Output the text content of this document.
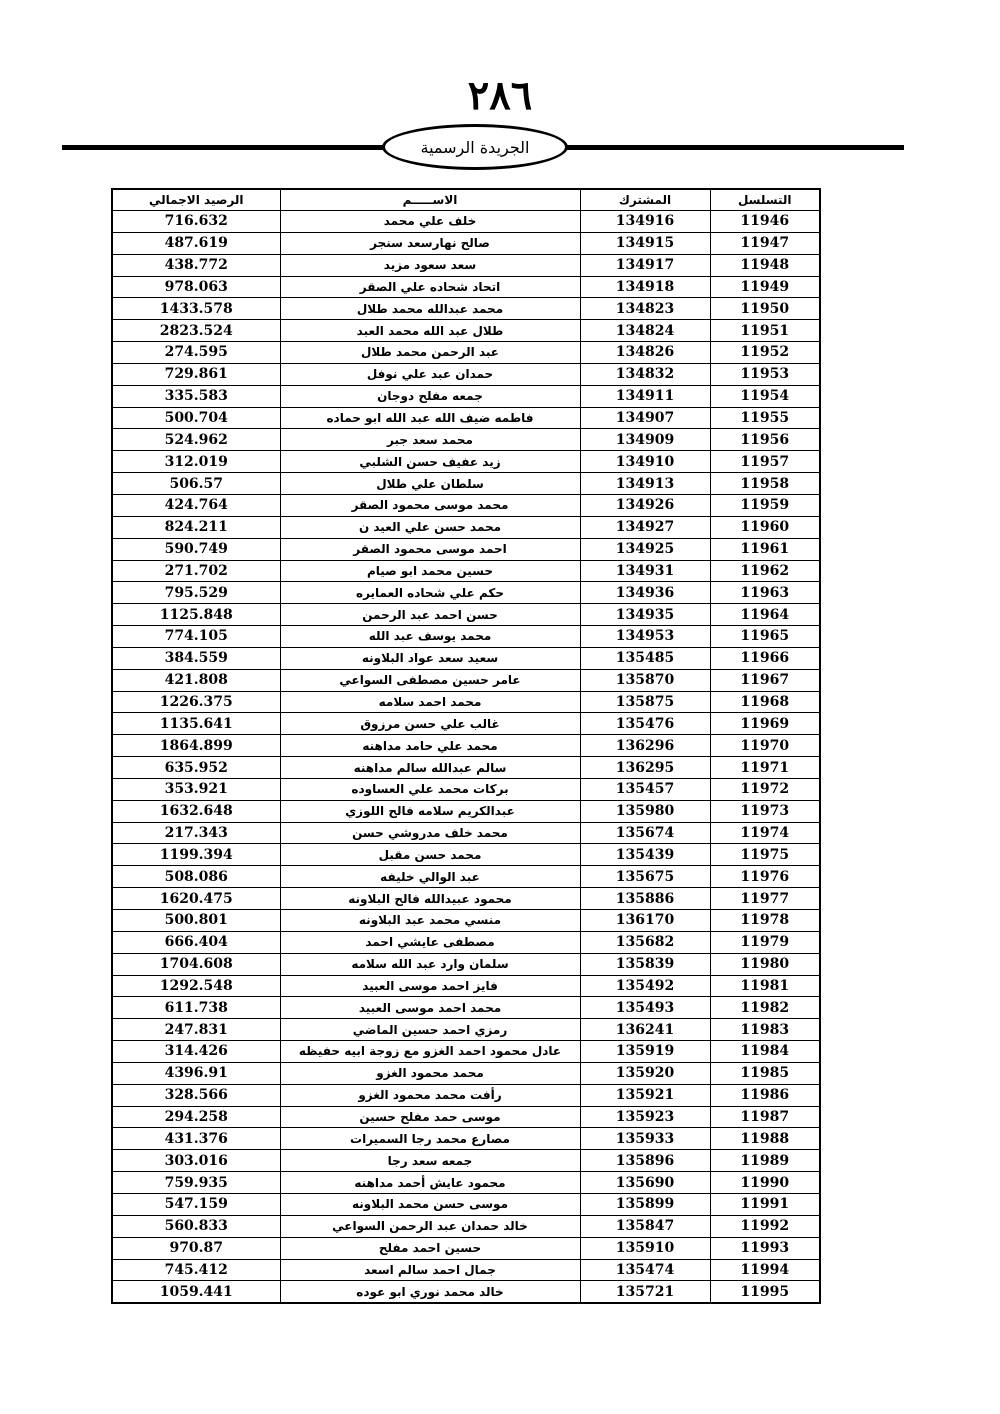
٢٨٦
الجريدة الرسمية
التسلسل	المشترك	الاســـــم	الرصيد الاجمالي
11946	134916	خلف علي محمد	716.632
11947	134915	صالح نهارسعد سنجر	487.619
11948	134917	سعد سعود مزيد	438.772
11949	134918	اتحاد شحاده علي الصقر	978.063
11950	134823	محمد عبدالله محمد طلال	1433.578
11951	134824	طلال عبد الله محمد العبد	2823.524
11952	134826	عبد الرحمن محمد طلال	274.595
11953	134832	حمدان عبد علي نوفل	729.861
11954	134911	جمعه مفلح دوجان	335.583
11955	134907	فاطمه ضيف الله عبد الله ابو حماده	500.704
11956	134909	محمد سعد جبر	524.962
11957	134910	زيد عفيف حسن الشلبي	312.019
11958	134913	سلطان علي طلال	506.57
11959	134926	محمد موسى محمود الصقر	424.764
11960	134927	محمد حسن علي العيد ن	824.211
11961	134925	احمد موسى محمود الصقر	590.749
11962	134931	حسين محمد ابو صيام	271.702
11963	134936	حكم علي شحاده العمايره	795.529
11964	134935	حسن احمد عبد الرحمن	1125.848
11965	134953	محمد يوسف عبد الله	774.105
11966	135485	سعيد سعد عواد البلاونه	384.559
11967	135870	عامر حسين مصطفى السواعي	421.808
11968	135875	محمد احمد سلامه	1226.375
11969	135476	غالب علي حسن مرزوق	1135.641
11970	136296	محمد علي حامد مداهنه	1864.899
11971	136295	سالم عبدالله سالم مداهنه	635.952
11972	135457	بركات محمد علي العساوده	353.921
11973	135980	عبدالكريم سلامه فالح اللوزي	1632.648
11974	135674	محمد خلف مدروشي حسن	217.343
11975	135439	محمد حسن مقبل	1199.394
11976	135675	عبد الوالي خليفه	508.086
11977	135886	محمود عبيدالله فالح البلاونه	1620.475
11978	136170	منسي محمد عبد البلاونه	500.801
11979	135682	مصطفى عايشي احمد	666.404
11980	135839	سلمان وارد عبد الله سلامه	1704.608
11981	135492	فايز احمد موسى العبيد	1292.548
11982	135493	محمد احمد موسى العبيد	611.738
11983	136241	رمزي احمد حسين الماضي	247.831
11984	135919	عادل محمود احمد الغزو مع زوجة ابيه حفيظه	314.426
11985	135920	محمد محمود الغزو	4396.91
11986	135921	رأفت محمد محمود الغزو	328.566
11987	135923	موسى حمد مفلح حسين	294.258
11988	135933	مصارع محمد رجا السميرات	431.376
11989	135896	جمعه سعد رجا	303.016
11990	135690	محمود عايش أحمد مداهنه	759.935
11991	135899	موسى حسن محمد البلاونه	547.159
11992	135847	خالد حمدان عبد الرحمن السواعي	560.833
11993	135910	حسين احمد مفلح	970.87
11994	135474	جمال احمد سالم اسعد	745.412
11995	135721	خالد محمد نوري ابو عوده	1059.441
